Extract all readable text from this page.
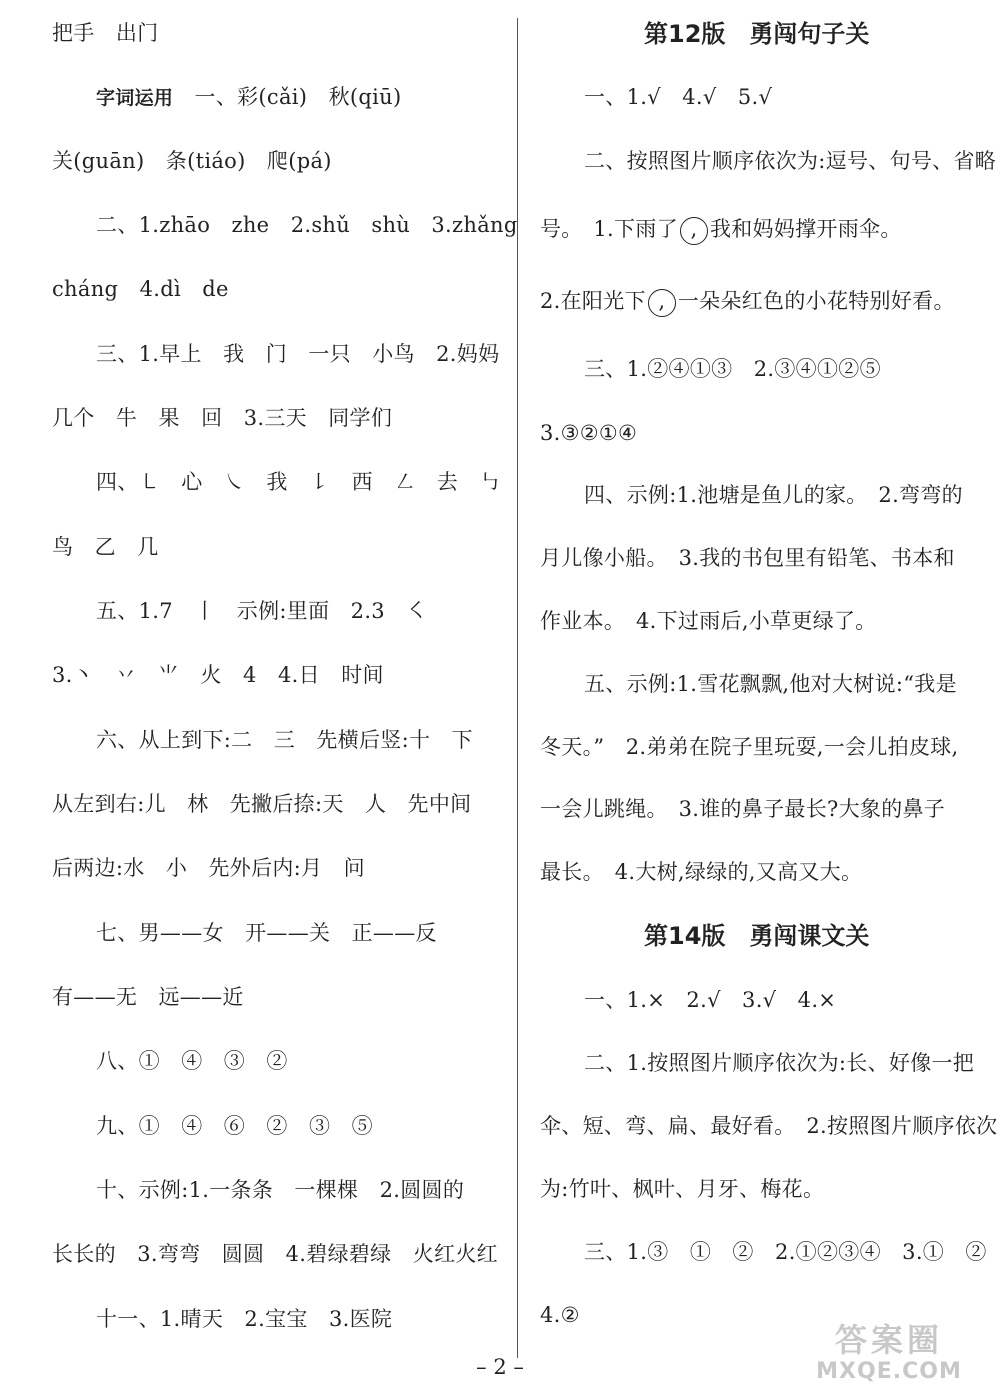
把手　出门
字词运用　 一、彩(cǎi)　秋(qiū)
关(guān)　条(tiáo)　爬(pá)
二、1.zhāo　zhe　2.shǔ　shù　3.zhǎng
cháng　4.dì　de
三、1.早上　我　门　一只　小鸟　2.妈妈
几个　牛　果　回　3.三天　同学们
四、㇄　心　㇏　我　㇙　西　㇜　去　㇉
鸟　乙　几
五、1.7　丨　示例:里面　2.3　㇛
3.丶　丷　⺌　火　4　4.日　时间
六、从上到下:二　三　先横后竖:十　下
从左到右:儿　林　先撇后捺:天　人　先中间
后两边:水　小　先外后内:月　问
七、男——女　开——关　正——反
有——无　远——近
八、①　④　③　②
九、①　④　⑥　②　③　⑤
十、示例:1.一条条　一棵棵　2.圆圆的
长长的　3.弯弯　圆圆　4.碧绿碧绿　火红火红
十一、1.晴天　2.宝宝　3.医院
第12版　勇闯句子关
一、1.√　4.√　5.√
二、按照图片顺序依次为:逗号、句号、省略
号。　1.下雨了 , 我和妈妈撑开雨伞。
2.在阳光下 , 一朵朵红色的小花特别好看。
三、1.②④①③　2.③④①②⑤
3.③②①④
四、示例:1.池塘是鱼儿的家。　2.弯弯的
月儿像小船。　3.我的书包里有铅笔、书本和
作业本。　4.下过雨后,小草更绿了。
五、示例:1.雪花飘飘,他对大树说:“我是
冬天。”　2.弟弟在院子里玩耍,一会儿拍皮球,
一会儿跳绳。　3.谁的鼻子最长?大象的鼻子
最长。　4.大树,绿绿的,又高又大。
第14版　勇闯课文关
一、1.×　2.√　3.√　4.×
二、1.按照图片顺序依次为:长、好像一把
伞、短、弯、扁、最好看。　2.按照图片顺序依次
为:竹叶、枫叶、月牙、梅花。
三、1.③　①　②　2.①②③④　3.①　②
4.②
– 2 –
答案圈
MXQE.COM
